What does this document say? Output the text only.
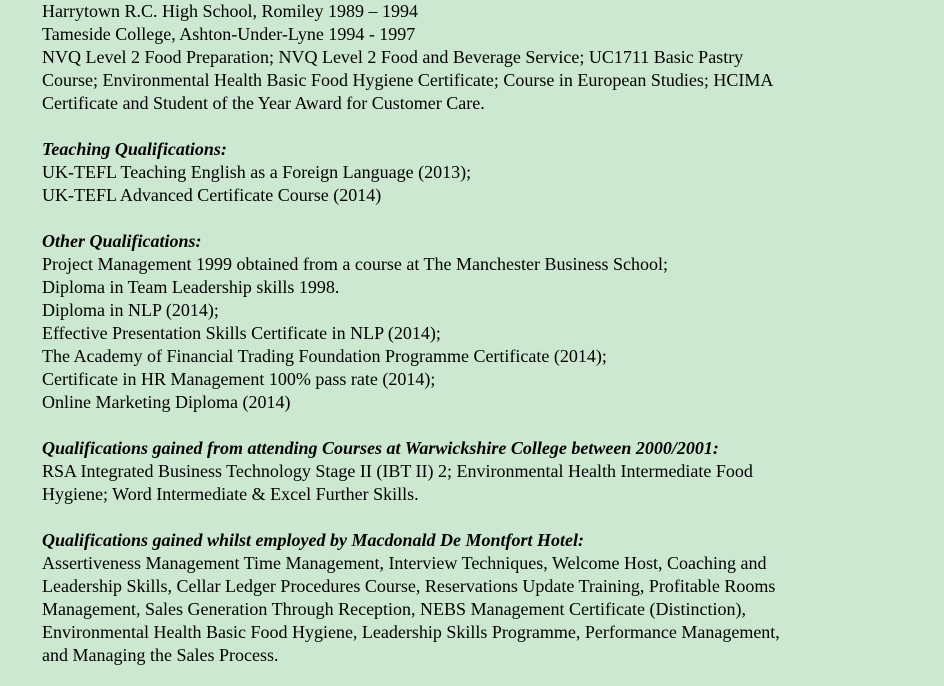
Harrytown R.C. High School, Romiley 1989 – 1994
Tameside College, Ashton-Under-Lyne 1994 - 1997
NVQ Level 2 Food Preparation; NVQ Level 2 Food and Beverage Service; UC1711 Basic Pastry
Course; Environmental Health Basic Food Hygiene Certificate; Course in European Studies; HCIMA
Certificate and Student of the Year Award for Customer Care.
Teaching Qualifications:
UK-TEFL Teaching English as a Foreign Language (2013);
UK-TEFL Advanced Certificate Course (2014)
Other Qualifications:
Project Management 1999 obtained from a course at The Manchester Business School;
Diploma in Team Leadership skills 1998.
Diploma in NLP (2014);
Effective Presentation Skills Certificate in NLP (2014);
The Academy of Financial Trading Foundation Programme Certificate (2014);
Certificate in HR Management 100% pass rate (2014);
Online Marketing Diploma (2014)
Qualifications gained from attending Courses at Warwickshire College between 2000/2001:
RSA Integrated Business Technology Stage II (IBT II) 2; Environmental Health Intermediate Food
Hygiene; Word Intermediate & Excel Further Skills.
Qualifications gained whilst employed by Macdonald De Montfort Hotel:
Assertiveness Management Time Management, Interview Techniques, Welcome Host, Coaching and
Leadership Skills, Cellar Ledger Procedures Course, Reservations Update Training, Profitable Rooms
Management, Sales Generation Through Reception, NEBS Management Certificate (Distinction),
Environmental Health Basic Food Hygiene, Leadership Skills Programme, Performance Management,
and Managing the Sales Process.
